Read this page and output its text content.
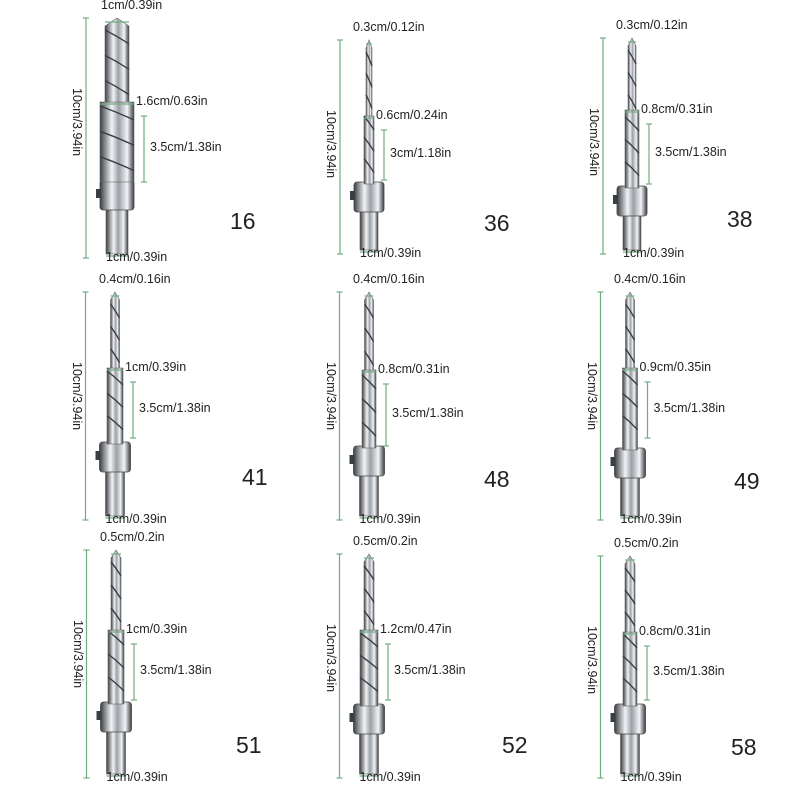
1cm/0.39in
1.6cm/0.63in
3.5cm/1.38in
1cm/0.39in
10cm/3.94in
16
0.3cm/0.12in
0.6cm/0.24in
3cm/1.18in
1cm/0.39in
10cm/3.94in
36
0.3cm/0.12in
0.8cm/0.31in
3.5cm/1.38in
1cm/0.39in
10cm/3.94in
38
0.4cm/0.16in
1cm/0.39in
3.5cm/1.38in
1cm/0.39in
10cm/3.94in
41
0.4cm/0.16in
0.8cm/0.31in
3.5cm/1.38in
1cm/0.39in
10cm/3.94in
48
0.4cm/0.16in
0.9cm/0.35in
3.5cm/1.38in
1cm/0.39in
10cm/3.94in
49
0.5cm/0.2in
1cm/0.39in
3.5cm/1.38in
1cm/0.39in
10cm/3.94in
51
0.5cm/0.2in
1.2cm/0.47in
3.5cm/1.38in
1cm/0.39in
10cm/3.94in
52
0.5cm/0.2in
0.8cm/0.31in
3.5cm/1.38in
1cm/0.39in
10cm/3.94in
58
